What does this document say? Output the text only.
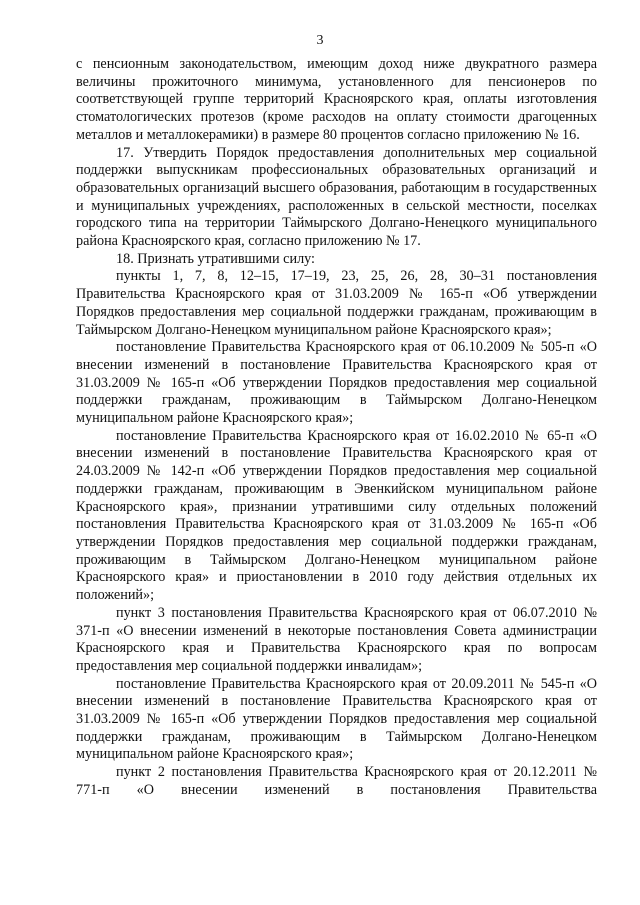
3

с пенсионным законодательством, имеющим доход ниже двукратного размера величины прожиточного минимума, установленного для пенсионеров по соответствующей группе территорий Красноярского края, оплаты изготовления стоматологических протезов (кроме расходов на оплату стоимости драгоценных металлов и металлокерамики) в размере 80 процентов согласно приложению № 16.

17. Утвердить Порядок предоставления дополнительных мер социальной поддержки выпускникам профессиональных образовательных организаций и образовательных организаций высшего образования, работающим в государственных и муниципальных учреждениях, расположенных в сельской местности, поселках городского типа на территории Таймырского Долгано-Ненецкого муниципального района Красноярского края, согласно приложению № 17.

18. Признать утратившими силу:

пункты 1, 7, 8, 12–15, 17–19, 23, 25, 26, 28, 30–31 постановления Правительства Красноярского края от 31.03.2009 № 165-п «Об утверждении Порядков предоставления мер социальной поддержки гражданам, проживающим в Таймырском Долгано-Ненецком муниципальном районе Красноярского края»;

постановление Правительства Красноярского края от 06.10.2009 № 505-п «О внесении изменений в постановление Правительства Красноярского края от 31.03.2009 № 165-п «Об утверждении Порядков предоставления мер социальной поддержки гражданам, проживающим в Таймырском Долгано-Ненецком муниципальном районе Красноярского края»;

постановление Правительства Красноярского края от 16.02.2010 № 65-п «О внесении изменений в постановление Правительства Красноярского края от 24.03.2009 № 142-п «Об утверждении Порядков предоставления мер социальной поддержки гражданам, проживающим в Эвенкийском муниципальном районе Красноярского края», признании утратившими силу отдельных положений постановления Правительства Красноярского края от 31.03.2009 № 165-п «Об утверждении Порядков предоставления мер социальной поддержки гражданам, проживающим в Таймырском Долгано-Ненецком муниципальном районе Красноярского края» и приостановлении в 2010 году действия отдельных их положений»;

пункт 3 постановления Правительства Красноярского края от 06.07.2010 № 371-п «О внесении изменений в некоторые постановления Совета администрации Красноярского края и Правительства Красноярского края по вопросам предоставления мер социальной поддержки инвалидам»;

постановление Правительства Красноярского края от 20.09.2011 № 545-п «О внесении изменений в постановление Правительства Красноярского края от 31.03.2009 № 165-п «Об утверждении Порядков предоставления мер социальной поддержки гражданам, проживающим в Таймырском Долгано-Ненецком муниципальном районе Красноярского края»;

пункт 2 постановления Правительства Красноярского края от 20.12.2011 № 771-п «О внесении изменений в постановления Правительства
